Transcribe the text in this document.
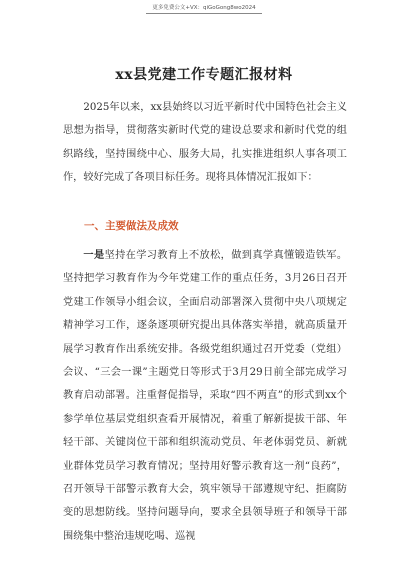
更多免费公文+VX：qiGoGong8wo2024
xx县党建工作专题汇报材料

2025年以来，xx县始终以习近平新时代中国特色社会主义思想为指导，贯彻落实新时代党的建设总要求和新时代党的组织路线，坚持围绕中心、服务大局，扎实推进组织人事各项工作，较好完成了各项目标任务。现将具体情况汇报如下：

一、主要做法及成效

一是坚持在学习教育上不放松，做到真学真懂锻造铁军。坚持把学习教育作为今年党建工作的重点任务，3月26日召开党建工作领导小组会议，全面启动部署深入贯彻中央八项规定精神学习工作，逐条逐项研究提出具体落实举措，就高质量开展学习教育作出系统安排。各级党组织通过召开党委（党组）会议、“三会一课”主题党日等形式于3月29日前全部完成学习教育启动部署。注重督促指导，采取“四不两直”的形式到xx个参学单位基层党组织查看开展情况，着重了解新提拔干部、年轻干部、关键岗位干部和组织流动党员、年老体弱党员、新就业群体党员学习教育情况；坚持用好警示教育这一剂“良药”，召开领导干部警示教育大会，筑牢领导干部遵规守纪、拒腐防变的思想防线。坚持问题导向，要求全县领导班子和领导干部围绕集中整治违规吃喝、巡视
